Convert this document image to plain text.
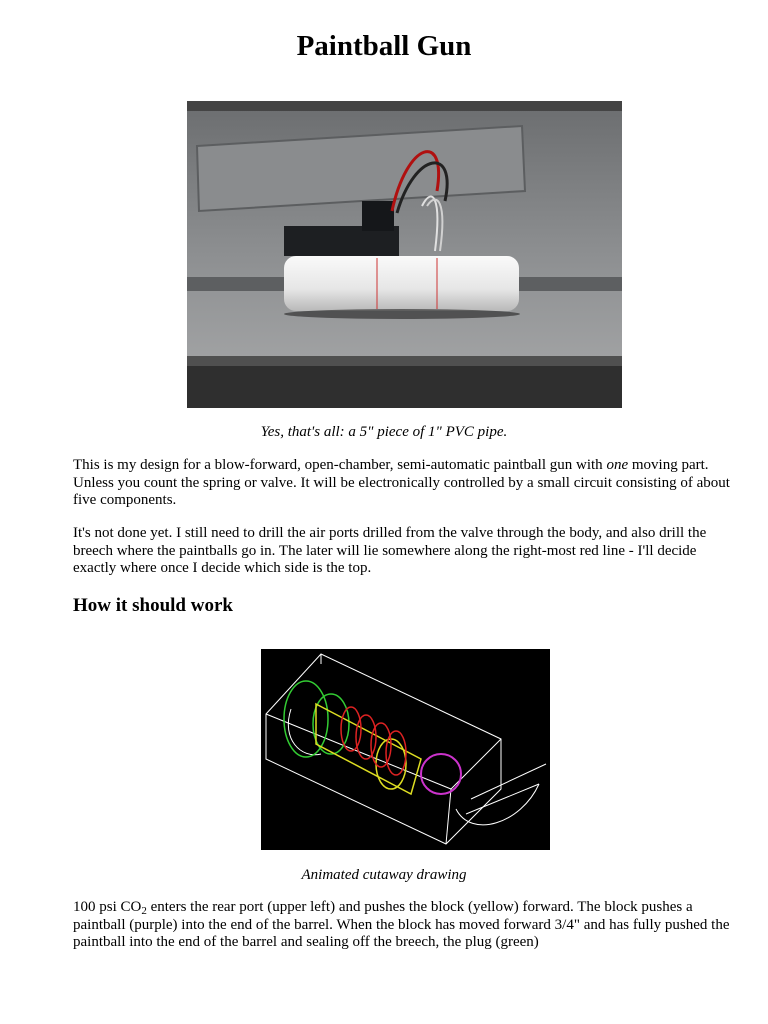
Paintball Gun
Yes, that's all: a 5" piece of 1" PVC pipe.

This is my design for a blow-forward, open-chamber, semi-automatic paintball gun with one moving part. Unless you count the spring or valve. It will be electronically controlled by a small circuit consisting of about five components.

It's not done yet. I still need to drill the air ports drilled from the valve through the body, and also drill the breech where the paintballs go in. The later will lie somewhere along the right-most red line - I'll decide exactly where once I decide which side is the top.

How it should work
Animated cutaway drawing

100 psi $CO_2$ enters the rear port (upper left) and pushes the block (yellow) forward. The block pushes a paintball (purple) into the end of the barrel. When the block has moved forward 3/4" and has fully pushed the paintball into the end of the barrel and sealing off the breech, the plug (green)
